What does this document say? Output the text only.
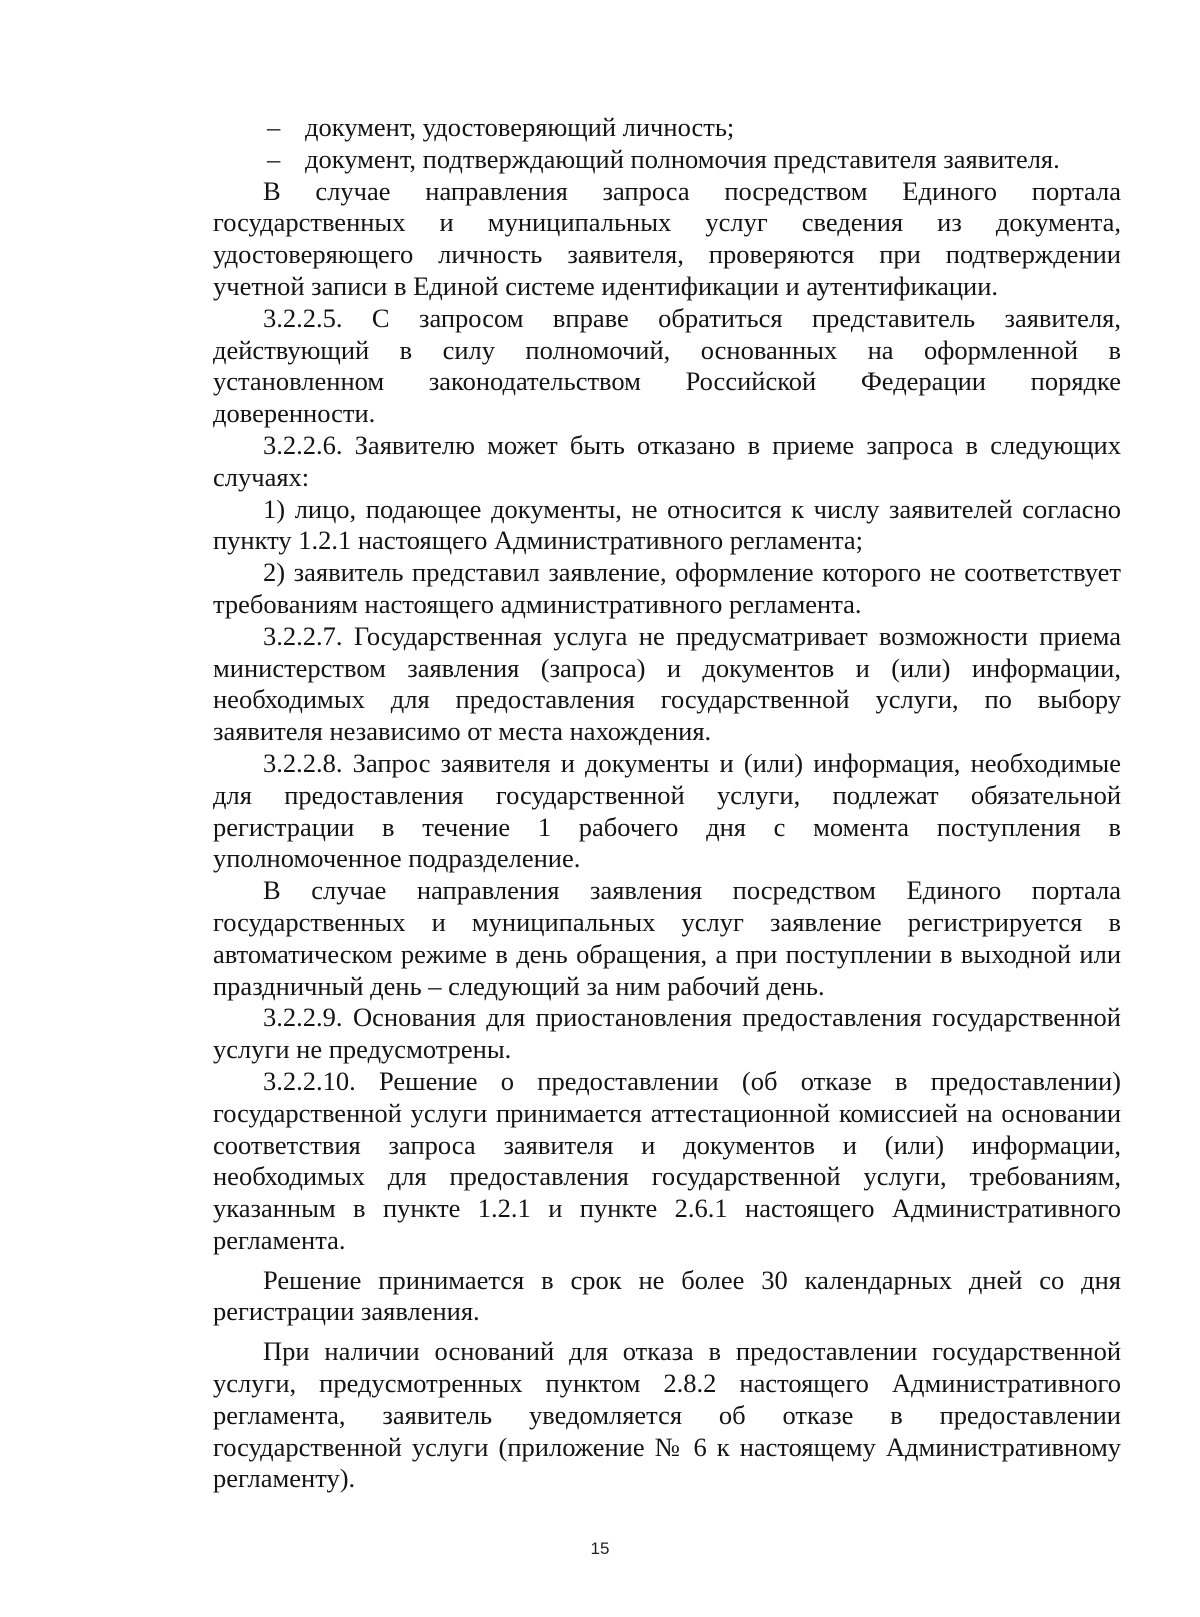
– документ, удостоверяющий личность;

– документ, подтверждающий полномочия представителя заявителя.

В случае направления запроса посредством Единого портала государственных и муниципальных услуг сведения из документа, удостоверяющего личность заявителя, проверяются при подтверждении учетной записи в Единой системе идентификации и аутентификации.

3.2.2.5. С запросом вправе обратиться представитель заявителя, действующий в силу полномочий, основанных на оформленной в установленном законодательством Российской Федерации порядке доверенности.

3.2.2.6. Заявителю может быть отказано в приеме запроса в следующих случаях:

1) лицо, подающее документы, не относится к числу заявителей согласно пункту 1.2.1 настоящего Административного регламента;

2) заявитель представил заявление, оформление которого не соответствует требованиям настоящего административного регламента.

3.2.2.7. Государственная услуга не предусматривает возможности приема министерством заявления (запроса) и документов и (или) информации, необходимых для предоставления государственной услуги, по выбору заявителя независимо от места нахождения.

3.2.2.8. Запрос заявителя и документы и (или) информация, необходимые для предоставления государственной услуги, подлежат обязательной регистрации в течение 1 рабочего дня с момента поступления в уполномоченное подразделение.

В случае направления заявления посредством Единого портала государственных и муниципальных услуг заявление регистрируется в автоматическом режиме в день обращения, а при поступлении в выходной или праздничный день – следующий за ним рабочий день.

3.2.2.9. Основания для приостановления предоставления государственной услуги не предусмотрены.

3.2.2.10. Решение о предоставлении (об отказе в предоставлении) государственной услуги принимается аттестационной комиссией на основании соответствия запроса заявителя и документов и (или) информации, необходимых для предоставления государственной услуги, требованиям, указанным в пункте 1.2.1 и пункте 2.6.1 настоящего Административного регламента.

Решение принимается в срок не более 30 календарных дней со дня регистрации заявления.

При наличии оснований для отказа в предоставлении государственной услуги, предусмотренных пунктом 2.8.2 настоящего Административного регламента, заявитель уведомляется об отказе в предоставлении государственной услуги (приложение № 6 к настоящему Административному регламенту).

15
